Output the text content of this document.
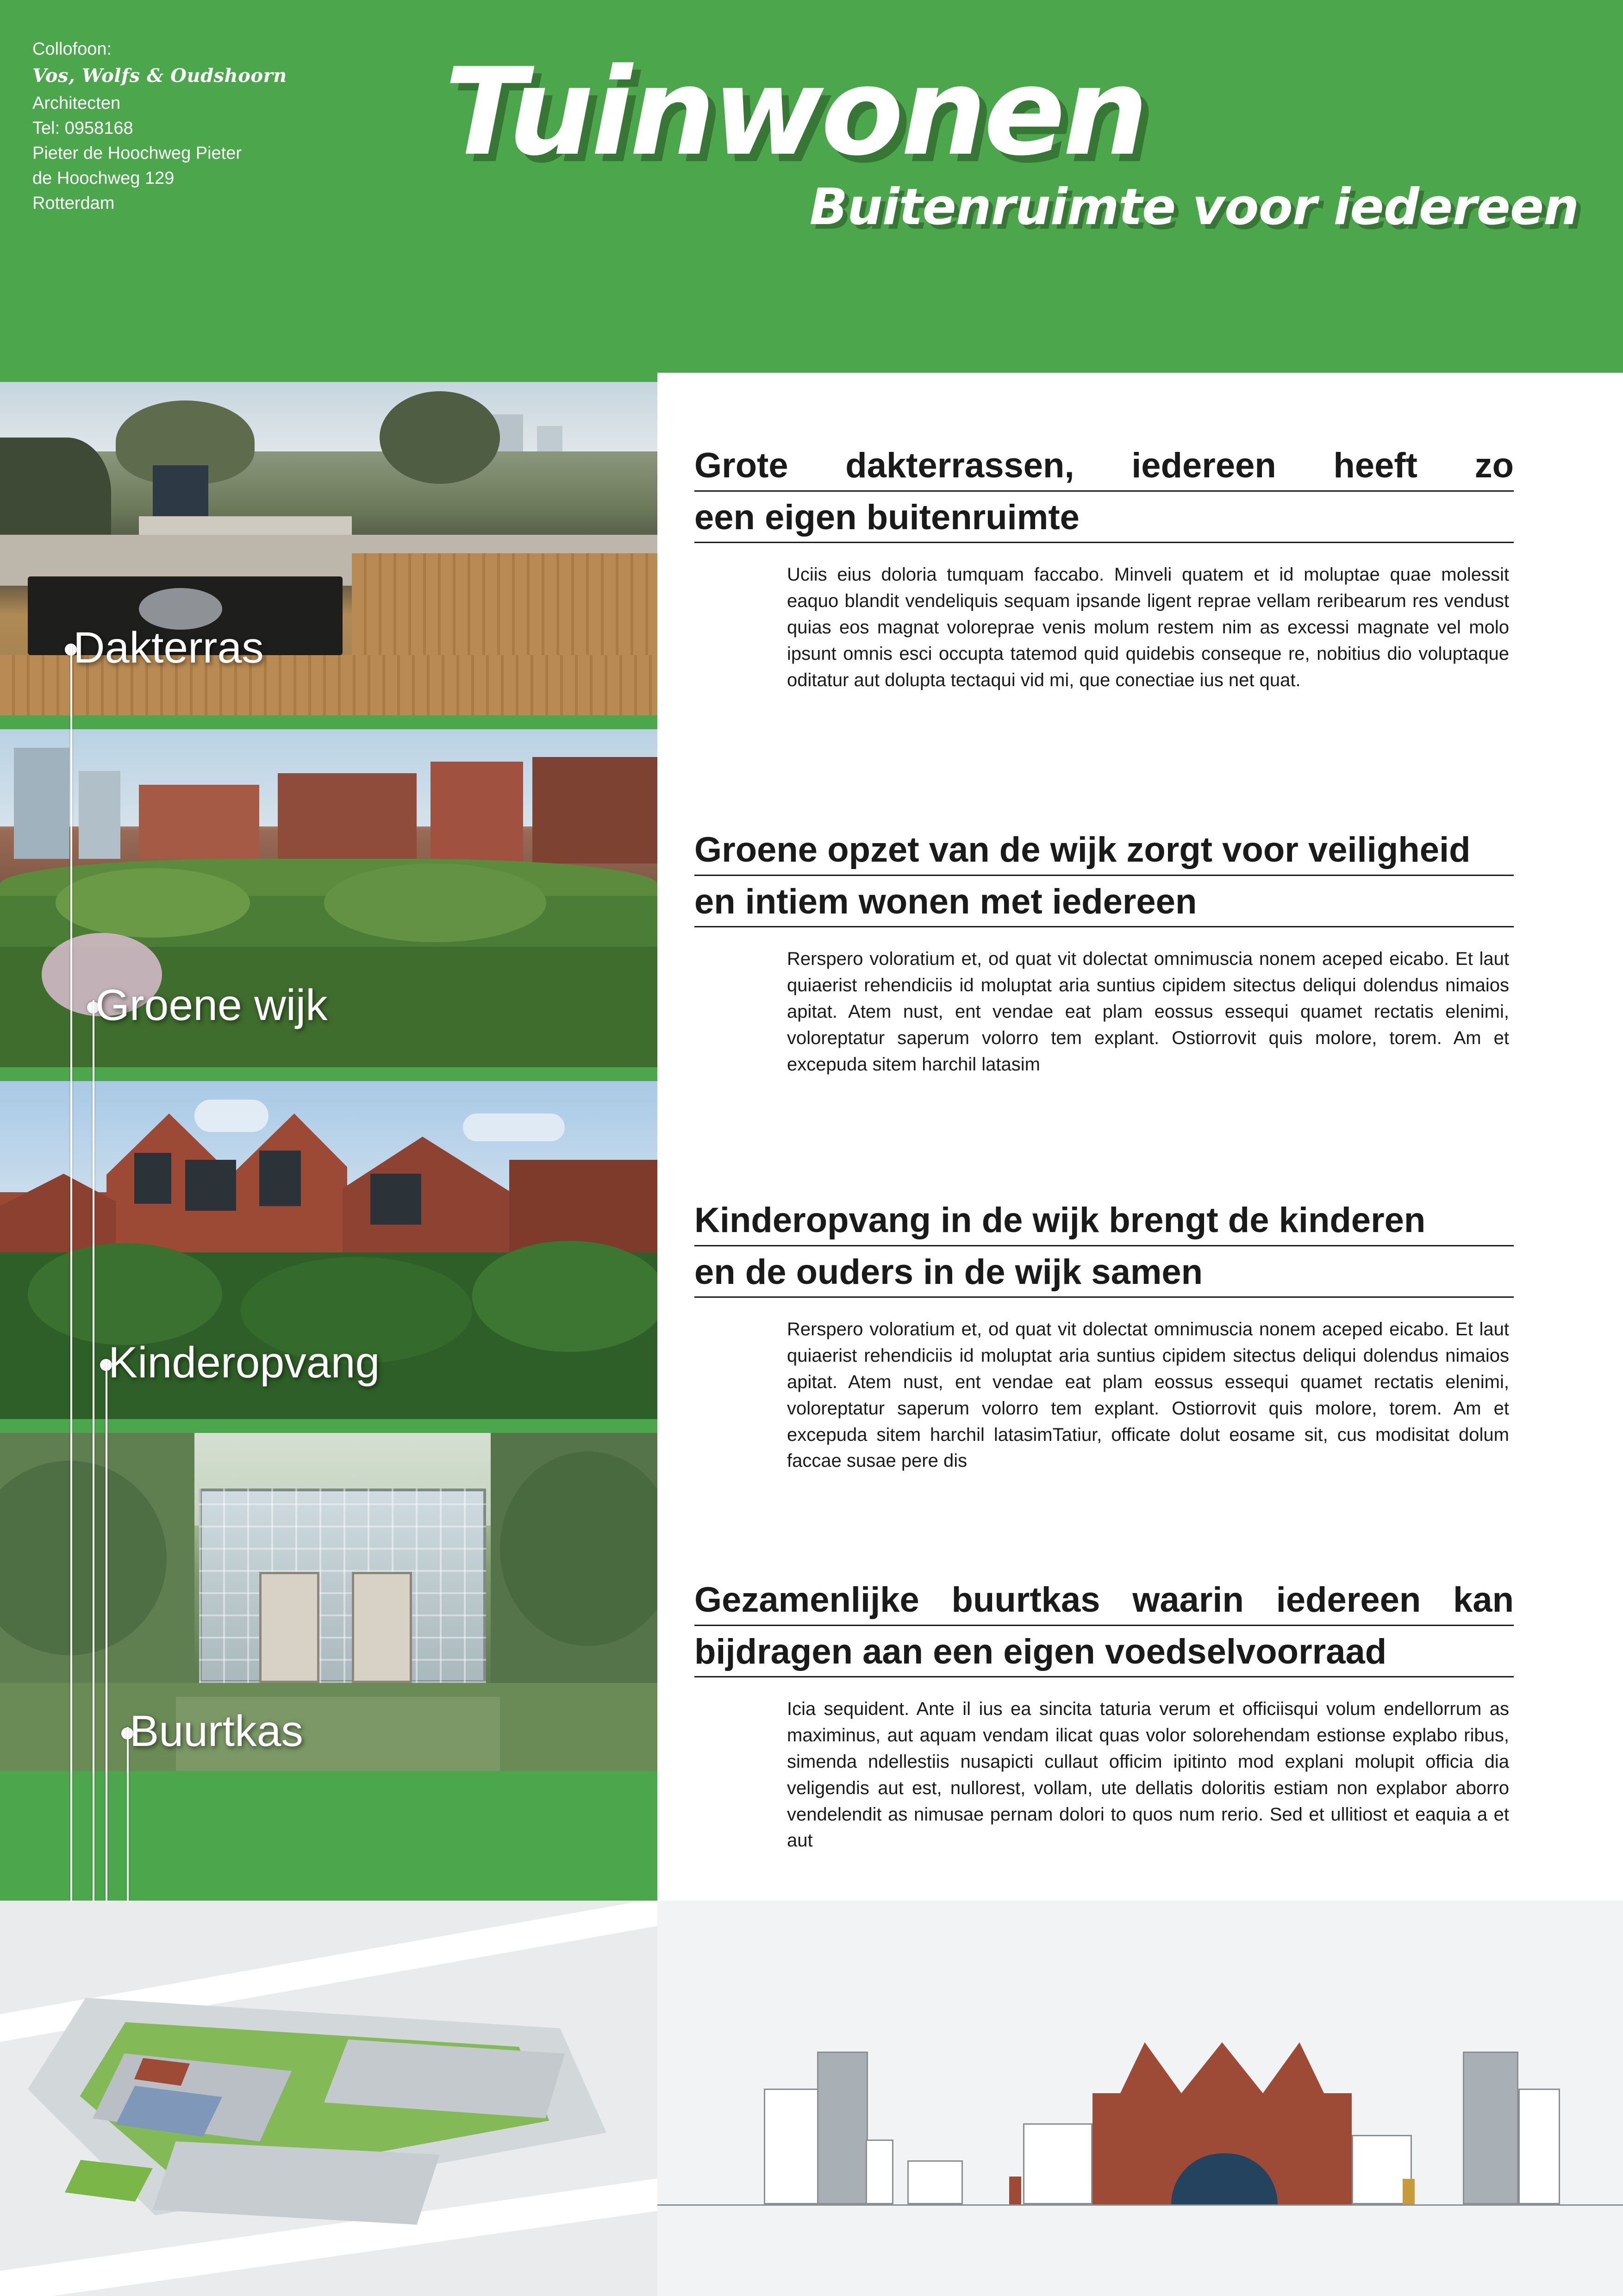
Collofoon:
Vos, Wolfs & Oudshoorn
Architecten
Tel: 0958168
Pieter de Hoochweg Pieter
de Hoochweg 129
Rotterdam
Tuinwonen
Buitenruimte voor iedereen
Dakterras
Groene wijk
Kinderopvang
Buurtkas
Grote dakterrassen, iedereen heeft zo
een eigen buitenruimte

Uciis eius doloria tumquam faccabo. Minveli quatem et id moluptae quae molessit eaquo blandit vendeliquis sequam ipsande ligent reprae vellam reribearum res vendust quias eos magnat voloreprae venis molum restem nim as excessi magnate vel molo ipsunt omnis esci occupta tatemod quid quidebis conseque re, nobitius dio voluptaque oditatur aut dolupta tectaqui vid mi, que conectiae ius net quat.

Groene opzet van de wijk zorgt voor veiligheid
en intiem wonen met iedereen

Rerspero voloratium et, od quat vit dolectat omnimuscia nonem aceped eicabo. Et laut quiaerist rehendiciis id moluptat aria suntius cipidem sitectus deliqui dolendus nimaios apitat. Atem nust, ent vendae eat plam eossus essequi quamet rectatis elenimi, voloreptatur saperum volorro tem explant. Ostiorrovit quis molore, torem. Am et excepuda sitem harchil latasim

Kinderopvang in de wijk brengt de kinderen
en de ouders in de wijk samen

Rerspero voloratium et, od quat vit dolectat omnimuscia nonem aceped eicabo. Et laut quiaerist rehendiciis id moluptat aria suntius cipidem sitectus deliqui dolendus nimaios apitat. Atem nust, ent vendae eat plam eossus essequi quamet rectatis elenimi, voloreptatur saperum volorro tem explant. Ostiorrovit quis molore, torem. Am et excepuda sitem harchil latasimTatiur, officate dolut eosame sit, cus modisitat dolum faccae susae pere dis

Gezamenlijke buurtkas waarin iedereen kan
bijdragen aan een eigen voedselvoorraad

Icia sequident. Ante il ius ea sincita taturia verum et officiisqui volum endellorrum as maximinus, aut aquam vendam ilicat quas volor solorehendam estionse explabo ribus, simenda ndellestiis nusapicti cullaut officim ipitinto mod explani molupit officia dia veligendis aut est, nullorest, vollam, ute dellatis doloritis estiam non explabor aborro vendelendit as nimusae pernam dolori to quos num rerio. Sed et ullitiost et eaquia a et aut
